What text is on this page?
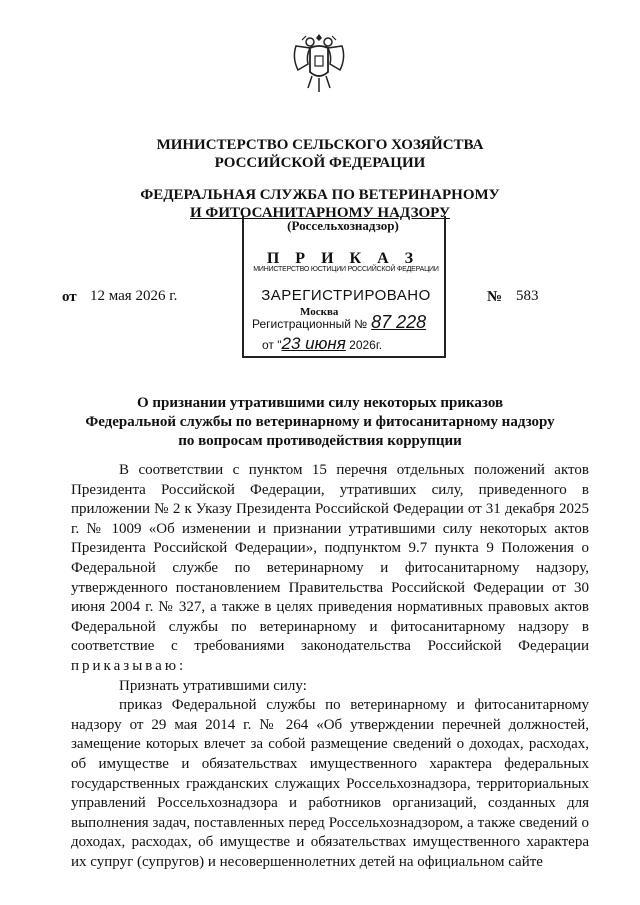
МИНИСТЕРСТВО СЕЛЬСКОГО ХОЗЯЙСТВА
РОССИЙСКОЙ ФЕДЕРАЦИИ
ФЕДЕРАЛЬНАЯ СЛУЖБА ПО ВЕТЕРИНАРНОМУ
И ФИТОСАНИТАРНОМУ НАДЗОРУ
(Россельхознадзор)
П Р И К А З
МИНИСТЕРСТВО ЮСТИЦИИ РОССИЙСКОЙ ФЕДЕРАЦИИ
ЗАРЕГИСТРИРОВАНО
Москва
Регистрационный № 87 228
от "23 июня 2026г.
от 12 мая 2026 г.	№ 583
О признании утратившими силу некоторых приказов
Федеральной службы по ветеринарному и фитосанитарному надзору
по вопросам противодействия коррупции

В соответствии с пунктом 15 перечня отдельных положений актов Президента Российской Федерации, утративших силу, приведенного в приложении № 2 к Указу Президента Российской Федерации от 31 декабря 2025 г. № 1009 «Об изменении и признании утратившими силу некоторых актов Президента Российской Федерации», подпунктом 9.7 пункта 9 Положения о Федеральной службе по ветеринарному и фитосанитарному надзору, утвержденного постановлением Правительства Российской Федерации от 30 июня 2004 г. № 327, а также в целях приведения нормативных правовых актов Федеральной службы по ветеринарному и фитосанитарному надзору в соответствие с требованиями законодательства Российской Федерации приказываю:

Признать утратившими силу:

приказ Федеральной службы по ветеринарному и фитосанитарному надзору от 29 мая 2014 г. № 264 «Об утверждении перечней должностей, замещение которых влечет за собой размещение сведений о доходах, расходах, об имуществе и обязательствах имущественного характера федеральных государственных гражданских служащих Россельхознадзора, территориальных управлений Россельхознадзора и работников организаций, созданных для выполнения задач, поставленных перед Россельхознадзором, а также сведений о доходах, расходах, об имуществе и обязательствах имущественного характера их супруг (супругов) и несовершеннолетних детей на официальном сайте
